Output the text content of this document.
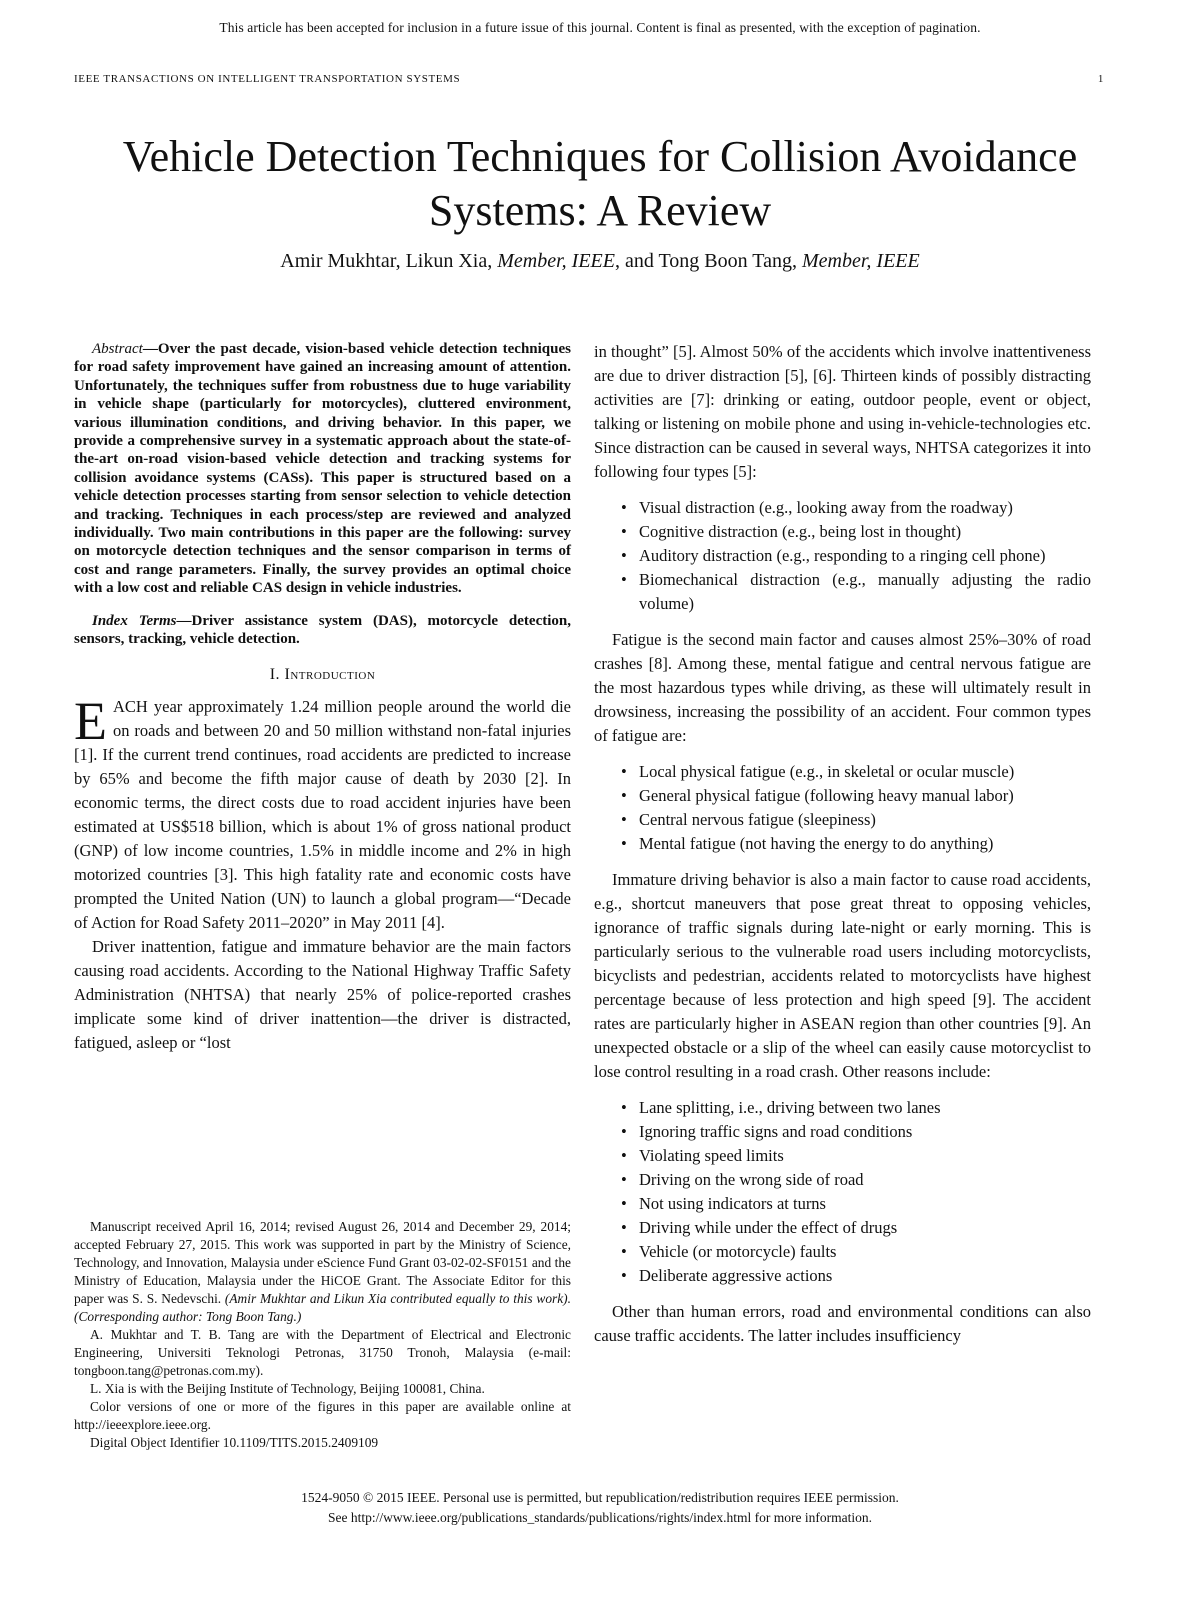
This article has been accepted for inclusion in a future issue of this journal. Content is final as presented, with the exception of pagination.
IEEE TRANSACTIONS ON INTELLIGENT TRANSPORTATION SYSTEMS	1
Vehicle Detection Techniques for Collision Avoidance Systems: A Review
Amir Mukhtar, Likun Xia, Member, IEEE, and Tong Boon Tang, Member, IEEE

Abstract—Over the past decade, vision-based vehicle detection techniques for road safety improvement have gained an increasing amount of attention. Unfortunately, the techniques suffer from robustness due to huge variability in vehicle shape (particularly for motorcycles), cluttered environment, various illumination conditions, and driving behavior. In this paper, we provide a comprehensive survey in a systematic approach about the state-of-the-art on-road vision-based vehicle detection and tracking systems for collision avoidance systems (CASs). This paper is structured based on a vehicle detection processes starting from sensor selection to vehicle detection and tracking. Techniques in each process/step are reviewed and analyzed individually. Two main contributions in this paper are the following: survey on motorcycle detection techniques and the sensor comparison in terms of cost and range parameters. Finally, the survey provides an optimal choice with a low cost and reliable CAS design in vehicle industries.

Index Terms—Driver assistance system (DAS), motorcycle detection, sensors, tracking, vehicle detection.

I. Introduction

EACH year approximately 1.24 million people around the world die on roads and between 20 and 50 million withstand non-fatal injuries [1]. If the current trend continues, road accidents are predicted to increase by 65% and become the fifth major cause of death by 2030 [2]. In economic terms, the direct costs due to road accident injuries have been estimated at US$518 billion, which is about 1% of gross national product (GNP) of low income countries, 1.5% in middle income and 2% in high motorized countries [3]. This high fatality rate and economic costs have prompted the United Nation (UN) to launch a global program—“Decade of Action for Road Safety 2011–2020” in May 2011 [4].

Driver inattention, fatigue and immature behavior are the main factors causing road accidents. According to the National Highway Traffic Safety Administration (NHTSA) that nearly 25% of police-reported crashes implicate some kind of driver inattention—the driver is distracted, fatigued, asleep or “lost

Manuscript received April 16, 2014; revised August 26, 2014 and December 29, 2014; accepted February 27, 2015. This work was supported in part by the Ministry of Science, Technology, and Innovation, Malaysia under eScience Fund Grant 03-02-02-SF0151 and the Ministry of Education, Malaysia under the HiCOE Grant. The Associate Editor for this paper was S. S. Nedevschi. (Amir Mukhtar and Likun Xia contributed equally to this work). (Corresponding author: Tong Boon Tang.)

A. Mukhtar and T. B. Tang are with the Department of Electrical and Electronic Engineering, Universiti Teknologi Petronas, 31750 Tronoh, Malaysia (e-mail: tongboon.tang@petronas.com.my).

L. Xia is with the Beijing Institute of Technology, Beijing 100081, China.

Color versions of one or more of the figures in this paper are available online at http://ieeexplore.ieee.org.

Digital Object Identifier 10.1109/TITS.2015.2409109

in thought” [5]. Almost 50% of the accidents which involve inattentiveness are due to driver distraction [5], [6]. Thirteen kinds of possibly distracting activities are [7]: drinking or eating, outdoor people, event or object, talking or listening on mobile phone and using in-vehicle-technologies etc. Since distraction can be caused in several ways, NHTSA categorizes it into following four types [5]:

• Visual distraction (e.g., looking away from the roadway)
• Cognitive distraction (e.g., being lost in thought)
• Auditory distraction (e.g., responding to a ringing cell phone)
• Biomechanical distraction (e.g., manually adjusting the radio volume)

Fatigue is the second main factor and causes almost 25%–30% of road crashes [8]. Among these, mental fatigue and central nervous fatigue are the most hazardous types while driving, as these will ultimately result in drowsiness, increasing the possibility of an accident. Four common types of fatigue are:

• Local physical fatigue (e.g., in skeletal or ocular muscle)
• General physical fatigue (following heavy manual labor)
• Central nervous fatigue (sleepiness)
• Mental fatigue (not having the energy to do anything)

Immature driving behavior is also a main factor to cause road accidents, e.g., shortcut maneuvers that pose great threat to opposing vehicles, ignorance of traffic signals during late-night or early morning. This is particularly serious to the vulnerable road users including motorcyclists, bicyclists and pedestrian, accidents related to motorcyclists have highest percentage because of less protection and high speed [9]. The accident rates are particularly higher in ASEAN region than other countries [9]. An unexpected obstacle or a slip of the wheel can easily cause motorcyclist to lose control resulting in a road crash. Other reasons include:

• Lane splitting, i.e., driving between two lanes
• Ignoring traffic signs and road conditions
• Violating speed limits
• Driving on the wrong side of road
• Not using indicators at turns
• Driving while under the effect of drugs
• Vehicle (or motorcycle) faults
• Deliberate aggressive actions

Other than human errors, road and environmental conditions can also cause traffic accidents. The latter includes insufficiency

1524-9050 © 2015 IEEE. Personal use is permitted, but republication/redistribution requires IEEE permission.
See http://www.ieee.org/publications_standards/publications/rights/index.html for more information.
